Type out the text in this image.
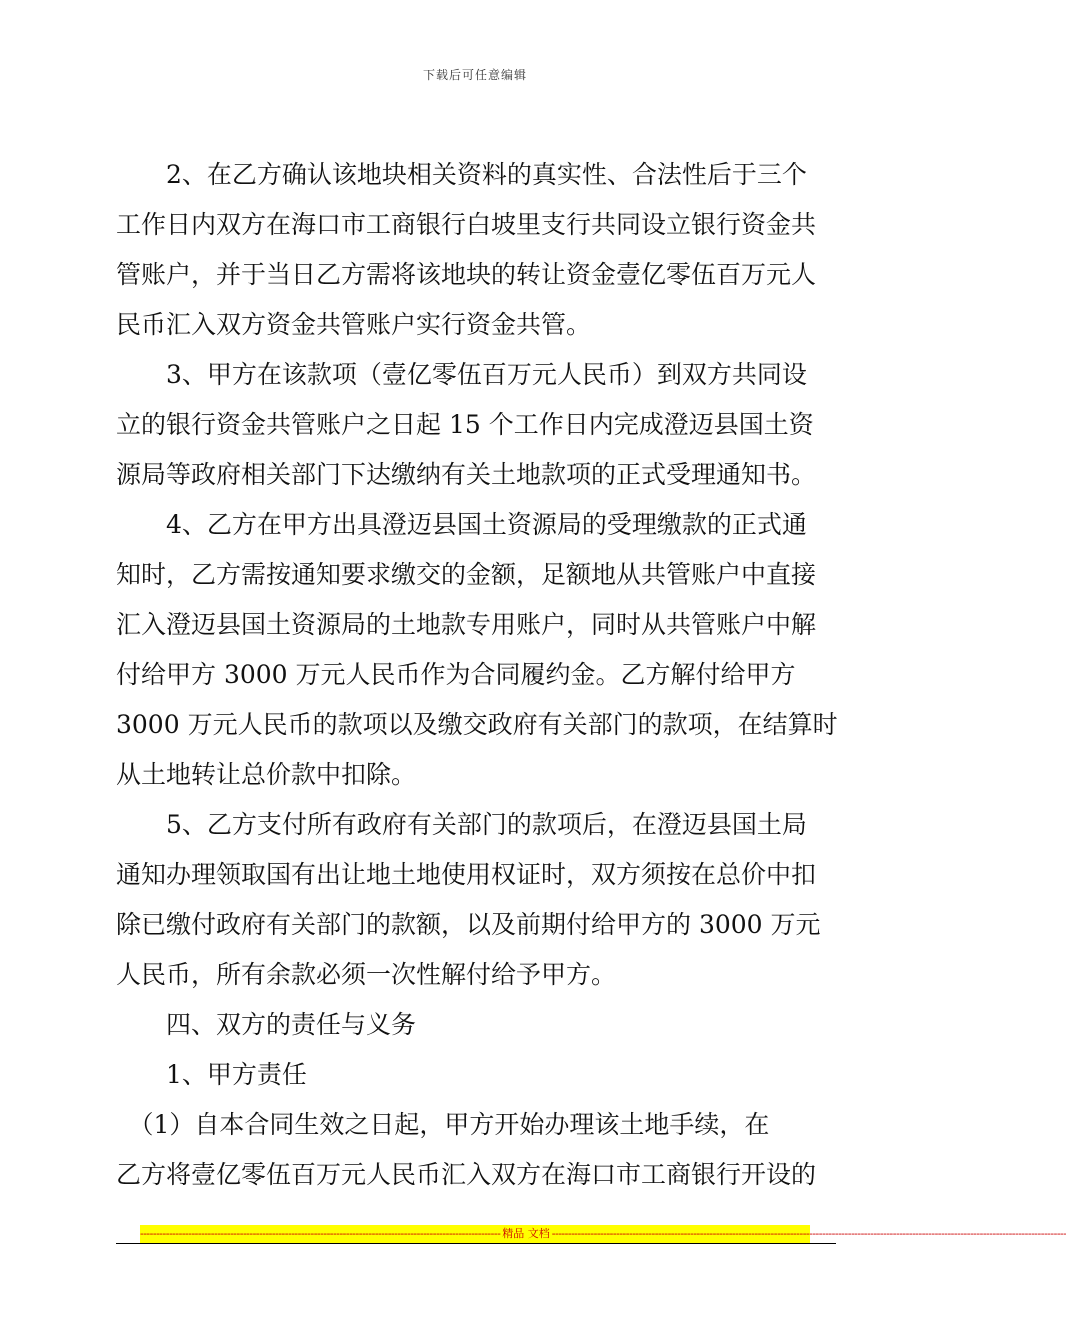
下载后可任意编辑

　　2、在乙方确认该地块相关资料的真实性、合法性后于三个

工作日内双方在海口市工商银行白坡里支行共同设立银行资金共

管账户，并于当日乙方需将该地块的转让资金壹亿零伍百万元人

民币汇入双方资金共管账户实行资金共管。

　　3、甲方在该款项（壹亿零伍百万元人民币）到双方共同设

立的银行资金共管账户之日起 15 个工作日内完成澄迈县国土资

源局等政府相关部门下达缴纳有关土地款项的正式受理通知书。

　　4、乙方在甲方出具澄迈县国土资源局的受理缴款的正式通

知时，乙方需按通知要求缴交的金额，足额地从共管账户中直接

汇入澄迈县国土资源局的土地款专用账户，同时从共管账户中解

付给甲方 3000 万元人民币作为合同履约金。乙方解付给甲方

3000 万元人民币的款项以及缴交政府有关部门的款项，在结算时

从土地转让总价款中扣除。

　　5、乙方支付所有政府有关部门的款项后，在澄迈县国土局

通知办理领取国有出让地土地使用权证时，双方须按在总价中扣

除已缴付政府有关部门的款额，以及前期付给甲方的 3000 万元

人民币，所有余款必须一次性解付给予甲方。

　　四、双方的责任与义务

　　1、甲方责任

　（1）自本合同生效之日起，甲方开始办理该土地手续，在

乙方将壹亿零伍百万元人民币汇入双方在海口市工商银行开设的

---------------------------------------------------------------------------------------------------------------- 精品 文档 ----------------------------------------------------------------------------------------------------------------------------------------------------------------
